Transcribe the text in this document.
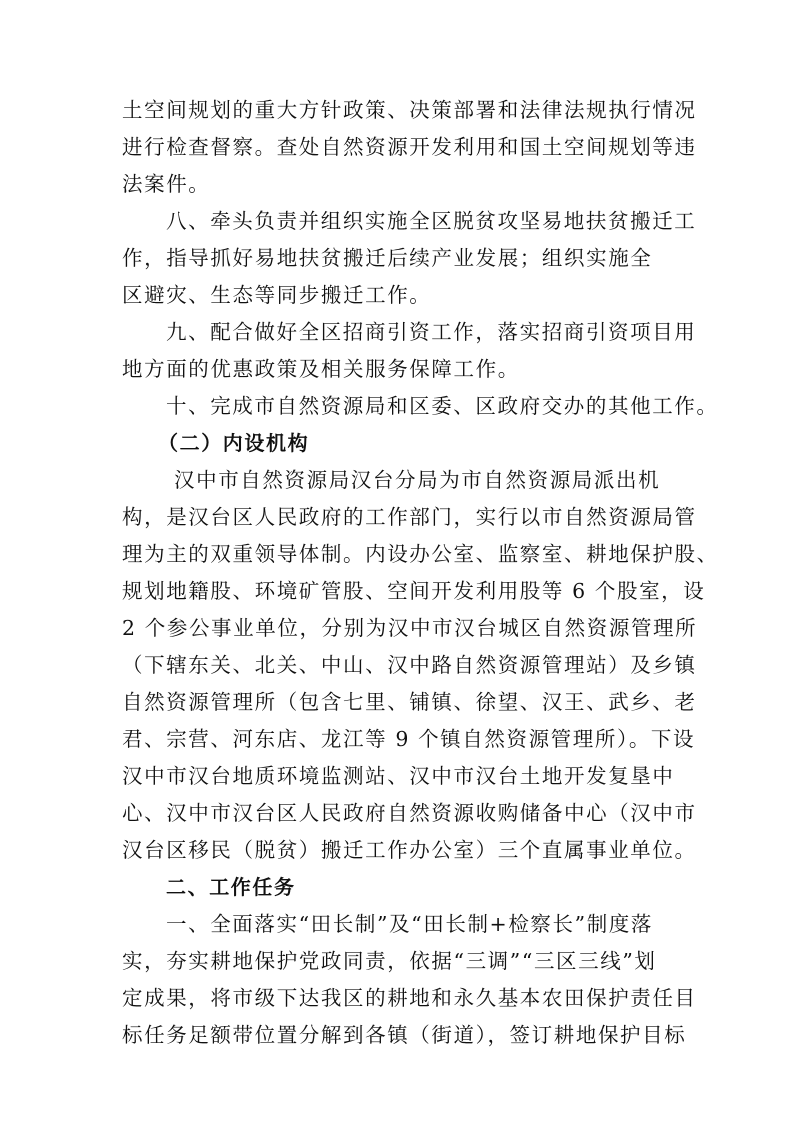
土空间规划的重大方针政策、决策部署和法律法规执行情况
进行检查督察。查处自然资源开发利用和国土空间规划等违
法案件。
八、牵头负责并组织实施全区脱贫攻坚易地扶贫搬迁工
作，指导抓好易地扶贫搬迁后续产业发展；组织实施全
区避灾、生态等同步搬迁工作。
九、配合做好全区招商引资工作，落实招商引资项目用
地方面的优惠政策及相关服务保障工作。
十、完成市自然资源局和区委、区政府交办的其他工作。
（二）内设机构
汉中市自然资源局汉台分局为市自然资源局派出机
构，是汉台区人民政府的工作部门，实行以市自然资源局管
理为主的双重领导体制。内设办公室、监察室、耕地保护股、
规划地籍股、环境矿管股、空间开发利用股等 6 个股室，设
2 个参公事业单位，分别为汉中市汉台城区自然资源管理所
（下辖东关、北关、中山、汉中路自然资源管理站）及乡镇
自然资源管理所（包含七里、铺镇、徐望、汉王、武乡、老
君、宗营、河东店、龙江等 9 个镇自然资源管理所）。下设
汉中市汉台地质环境监测站、汉中市汉台土地开发复垦中
心、汉中市汉台区人民政府自然资源收购储备中心（汉中市
汉台区移民（脱贫）搬迁工作办公室）三个直属事业单位。
二、工作任务
一、全面落实“田长制”及“田长制+检察长”制度落
实，夯实耕地保护党政同责，依据“三调”“三区三线”划
定成果，将市级下达我区的耕地和永久基本农田保护责任目
标任务足额带位置分解到各镇（街道），签订耕地保护目标
